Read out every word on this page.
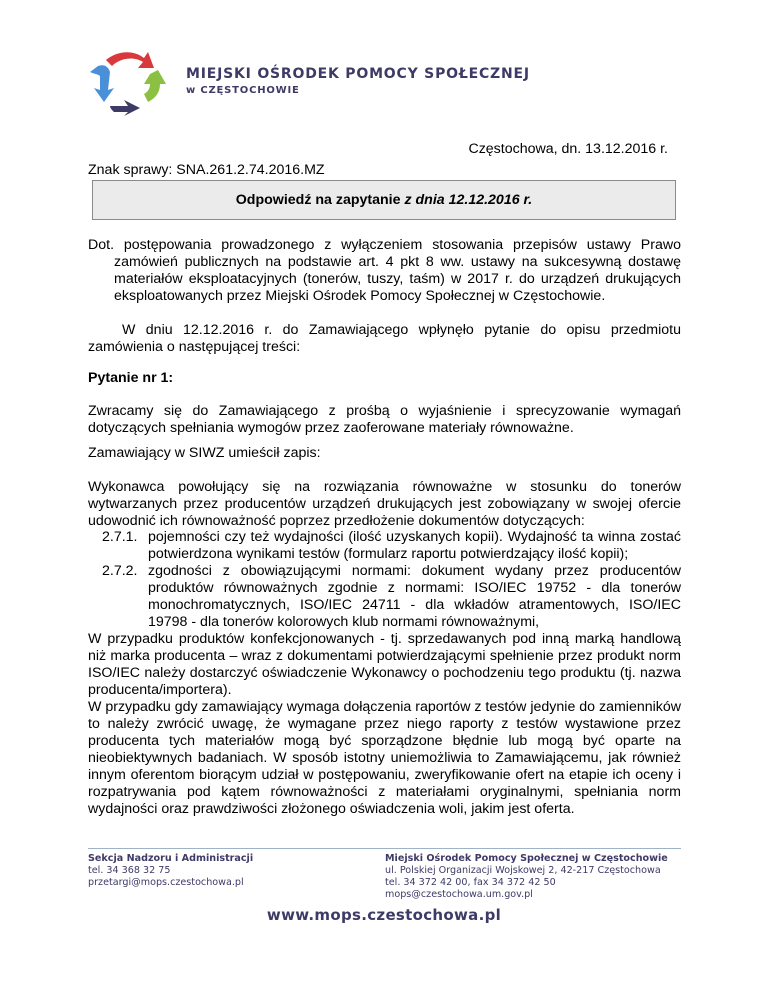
MIEJSKI OŚRODEK POMOCY SPOŁECZNEJ
w CZĘSTOCHOWIE
Częstochowa, dn. 13.12.2016 r.
Znak sprawy: SNA.261.2.74.2016.MZ
Odpowiedź na zapytanie z dnia 12.12.2016 r.
Dot. postępowania prowadzonego z wyłączeniem stosowania przepisów ustawy Prawo zamówień publicznych na podstawie art. 4 pkt 8 ww. ustawy na sukcesywną dostawę materiałów eksploatacyjnych (tonerów, tuszy, taśm) w 2017 r. do urządzeń drukujących eksploatowanych przez Miejski Ośrodek Pomocy Społecznej w Częstochowie.
W dniu 12.12.2016 r. do Zamawiającego wpłynęło pytanie do opisu przedmiotu zamówienia o następującej treści:
Pytanie nr 1:
Zwracamy się do Zamawiającego z prośbą o wyjaśnienie i sprecyzowanie wymagań dotyczących spełniania wymogów przez zaoferowane materiały równoważne.
Zamawiający w SIWZ umieścił zapis:
Wykonawca powołujący się na rozwiązania równoważne w stosunku do tonerów wytwarzanych przez producentów urządzeń drukujących jest zobowiązany w swojej ofercie udowodnić ich równoważność poprzez przedłożenie dokumentów dotyczących:
2.7.1. pojemności czy też wydajności (ilość uzyskanych kopii). Wydajność ta winna zostać potwierdzona wynikami testów (formularz raportu potwierdzający ilość kopii);
2.7.2. zgodności z obowiązującymi normami: dokument wydany przez producentów produktów równoważnych zgodnie z normami: ISO/IEC 19752 - dla tonerów monochromatycznych, ISO/IEC 24711 - dla wkładów atramentowych, ISO/IEC 19798 - dla tonerów kolorowych klub normami równoważnymi,
W przypadku produktów konfekcjonowanych - tj. sprzedawanych pod inną marką handlową niż marka producenta – wraz z dokumentami potwierdzającymi spełnienie przez produkt norm ISO/IEC należy dostarczyć oświadczenie Wykonawcy o pochodzeniu tego produktu (tj. nazwa producenta/importera).
W przypadku gdy zamawiający wymaga dołączenia raportów z testów jedynie do zamienników to należy zwrócić uwagę, że wymagane przez niego raporty z testów wystawione przez producenta tych materiałów mogą być sporządzone błędnie lub mogą być oparte na nieobiektywnych badaniach. W sposób istotny uniemożliwia to Zamawiającemu, jak również innym oferentom biorącym udział w postępowaniu, zweryfikowanie ofert na etapie ich oceny i rozpatrywania pod kątem równoważności z materiałami oryginalnymi, spełniania norm wydajności oraz prawdziwości złożonego oświadczenia woli, jakim jest oferta.
Sekcja Nadzoru i Administracji
tel. 34 368 32 75
przetargi@mops.czestochowa.pl
Miejski Ośrodek Pomocy Społecznej w Częstochowie
ul. Polskiej Organizacji Wojskowej 2, 42-217 Częstochowa
tel. 34 372 42 00, fax 34 372 42 50
mops@czestochowa.um.gov.pl
www.mops.czestochowa.pl
